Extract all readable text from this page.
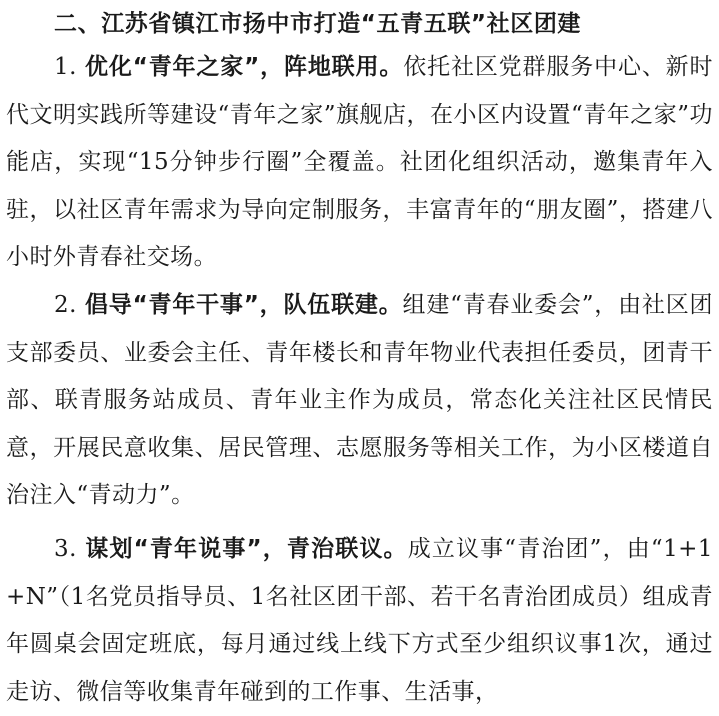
二、江苏省镇江市扬中市打造“五青五联”社区团建

1. 优化“青年之家”，阵地联用。依托社区党群服务中心、新时代文明实践所等建设“青年之家”旗舰店，在小区内设置“青年之家”功能店，实现“15分钟步行圈”全覆盖。社团化组织活动，邀集青年入驻，以社区青年需求为导向定制服务，丰富青年的“朋友圈”，搭建八小时外青春社交场。

2. 倡导“青年干事”，队伍联建。组建“青春业委会”，由社区团支部委员、业委会主任、青年楼长和青年物业代表担任委员，团青干部、联青服务站成员、青年业主作为成员，常态化关注社区民情民意，开展民意收集、居民管理、志愿服务等相关工作，为小区楼道自治注入“青动力”。

3. 谋划“青年说事”，青治联议。成立议事“青治团”，由“1+1+N”（1名党员指导员、1名社区团干部、若干名青治团成员）组成青年圆桌会固定班底，每月通过线上线下方式至少组织议事1次，通过走访、微信等收集青年碰到的工作事、生活事，
